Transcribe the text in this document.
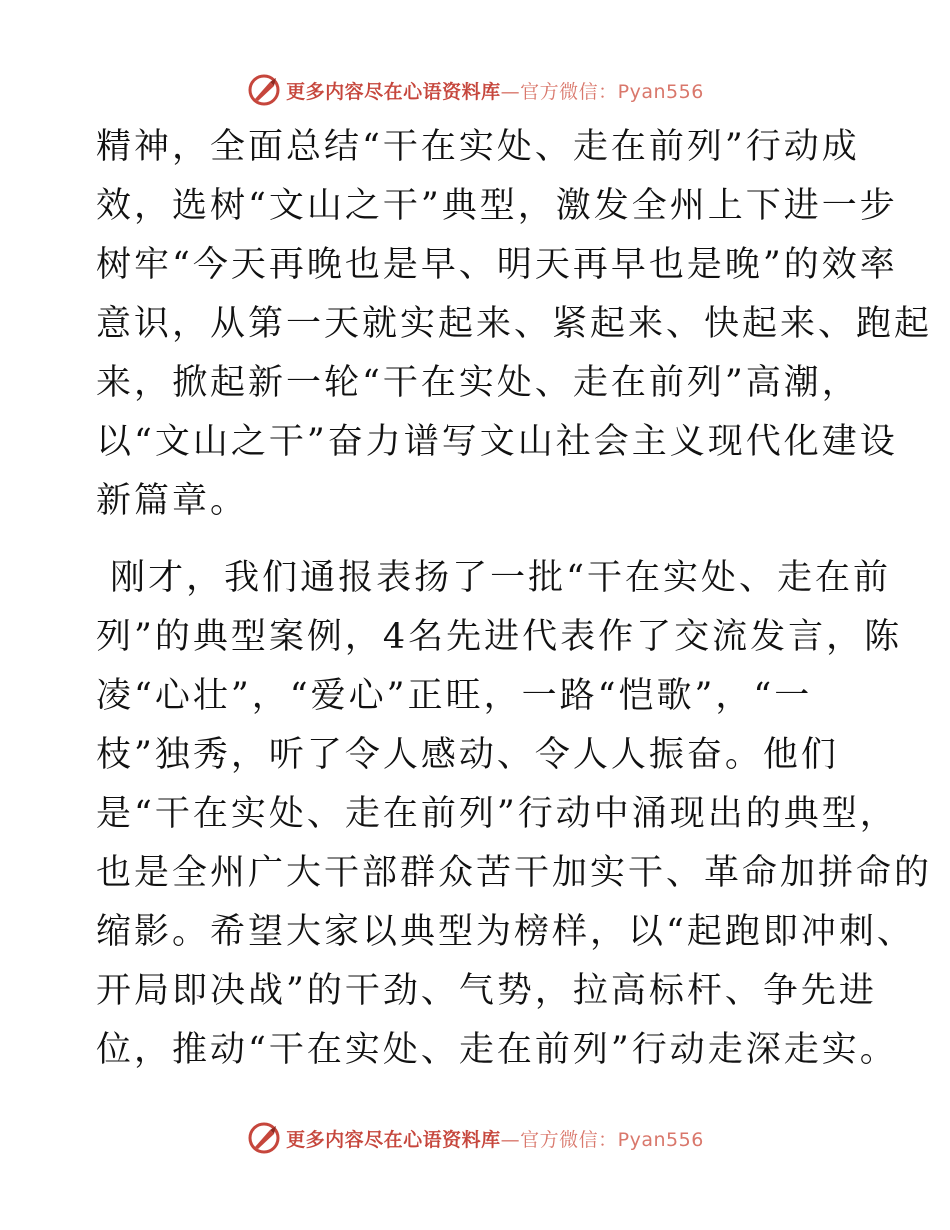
更多内容尽在心语资料库—官方微信：Pyan556
精神，全面总结“干在实处、走在前列”行动成
效，选树“文山之干”典型，激发全州上下进一步
树牢“今天再晚也是早、明天再早也是晚”的效率
意识，从第一天就实起来、紧起来、快起来、跑起
来，掀起新一轮“干在实处、走在前列”高潮，
以“文山之干”奋力谱写文山社会主义现代化建设
新篇章。
刚才，我们通报表扬了一批“干在实处、走在前
列”的典型案例，4名先进代表作了交流发言，陈
凌“心壮”，“爱心”正旺，一路“恺歌”，“一
枝”独秀，听了令人感动、令人人振奋。他们
是“干在实处、走在前列”行动中涌现出的典型，
也是全州广大干部群众苦干加实干、革命加拼命的
缩影。希望大家以典型为榜样，以“起跑即冲刺、
开局即决战”的干劲、气势，拉高标杆、争先进
位，推动“干在实处、走在前列”行动走深走实。
更多内容尽在心语资料库—官方微信：Pyan556
